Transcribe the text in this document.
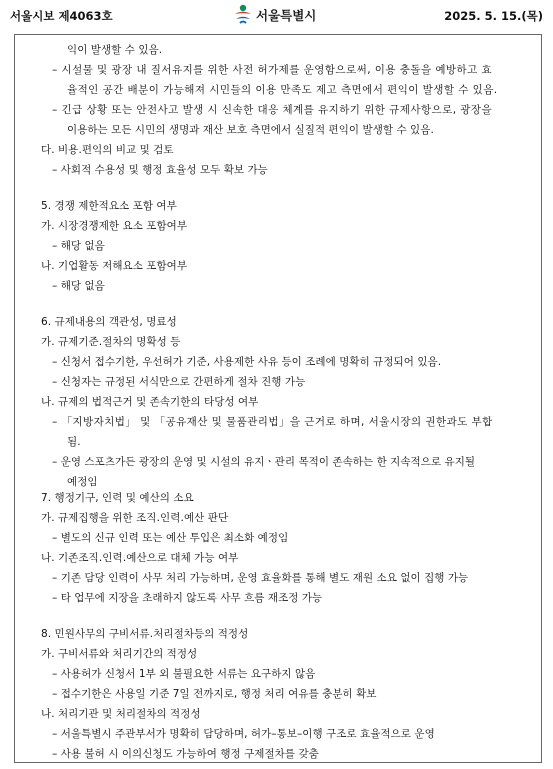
서울시보 제4063호	서울특별시	2025. 5. 15.(목)
익이 발생할 수 있음.
– 시설물 및 광장 내 질서유지를 위한 사전 허가제를 운영함으로써, 이용 충돌을 예방하고 효
율적인 공간 배분이 가능해져 시민들의 이용 만족도 제고 측면에서 편익이 발생할 수 있음.
– 긴급 상황 또는 안전사고 발생 시 신속한 대응 체계를 유지하기 위한 규제사항으로, 광장을
이용하는 모든 시민의 생명과 재산 보호 측면에서 실질적 편익이 발생할 수 있음.
다. 비용․편익의 비교 및 검토
– 사회적 수용성 및 행정 효율성 모두 확보 가능
5. 경쟁 제한적요소 포함 여부
가. 시장경쟁제한 요소 포함여부
– 해당 없음
나. 기업활동 저해요소 포함여부
– 해당 없음
6. 규제내용의 객관성, 명료성
가. 규제기준․절차의 명확성 등
– 신청서 접수기한, 우선허가 기준, 사용제한 사유 등이 조례에 명확히 규정되어 있음.
– 신청자는 규정된 서식만으로 간편하게 절차 진행 가능
나. 규제의 법적근거 및 존속기한의 타당성 여부
– 「지방자치법」 및 「공유재산 및 물품관리법」을 근거로 하며, 서울시장의 권한과도 부합
됨.
– 운영 스포츠가든 광장의 운영 및 시설의 유지ㆍ관리 목적이 존속하는 한 지속적으로 유지될
예정임
7. 행정기구, 인력 및 예산의 소요
가. 규제집행을 위한 조직․인력․예산 판단
– 별도의 신규 인력 또는 예산 투입은 최소화 예정임
나. 기존조직․인력․예산으로 대체 가능 여부
– 기존 담당 인력이 사무 처리 가능하며, 운영 효율화를 통해 별도 재원 소요 없이 집행 가능
– 타 업무에 지장을 초래하지 않도록 사무 흐름 재조정 가능
8. 민원사무의 구비서류․처리절차등의 적정성
가. 구비서류와 처리기간의 적정성
– 사용허가 신청서 1부 외 불필요한 서류는 요구하지 않음
– 접수기한은 사용일 기준 7일 전까지로, 행정 처리 여유를 충분히 확보
나. 처리기관 및 처리절차의 적정성
– 서울특별시 주관부서가 명확히 담당하며, 허가–통보–이행 구조로 효율적으로 운영
– 사용 불허 시 이의신청도 가능하여 행정 구제절차를 갖춤
